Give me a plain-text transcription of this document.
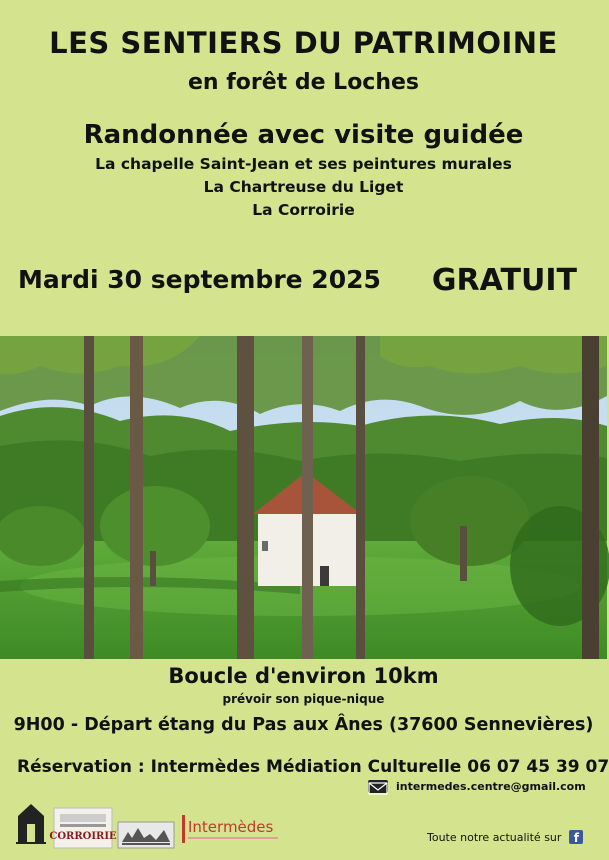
LES SENTIERS DU PATRIMOINE
en forêt de Loches
Randonnée avec visite guidée
La chapelle Saint-Jean et ses peintures murales
La Chartreuse du Liget
La Corroirie
Mardi 30 septembre 2025 GRATUIT
Boucle d'environ 10km
prévoir son pique-nique
9H00 - Départ étang du Pas aux Ânes (37600 Sennevières)
Réservation : Intermèdes Médiation Culturelle 06 07 45 39 07
intermedes.centre@gmail.com
CORROIRIE
Intermèdes
Toute notre actualité sur	f
